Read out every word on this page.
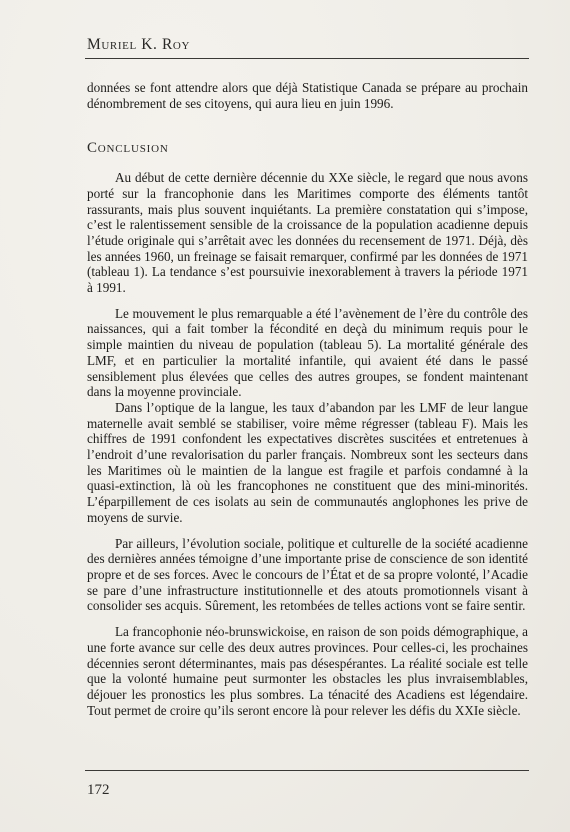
Muriel K. Roy

données se font attendre alors que déjà Statistique Canada se prépare au prochain dénombrement de ses citoyens, qui aura lieu en juin 1996.

Conclusion

Au début de cette dernière décennie du XXe siècle, le regard que nous avons porté sur la francophonie dans les Maritimes comporte des éléments tantôt rassurants, mais plus souvent inquiétants. La première constatation qui s’impose, c’est le ralentissement sensible de la croissance de la population acadienne depuis l’étude originale qui s’arrêtait avec les données du recensement de 1971. Déjà, dès les années 1960, un freinage se faisait remarquer, confirmé par les données de 1971 (tableau 1). La tendance s’est poursuivie inexorablement à travers la période 1971 à 1991.

Le mouvement le plus remarquable a été l’avènement de l’ère du contrôle des naissances, qui a fait tomber la fécondité en deçà du minimum requis pour le simple maintien du niveau de population (tableau 5). La mortalité générale des LMF, et en particulier la mortalité infantile, qui avaient été dans le passé sensiblement plus élevées que celles des autres groupes, se fondent maintenant dans la moyenne provinciale.

Dans l’optique de la langue, les taux d’abandon par les LMF de leur langue maternelle avait semblé se stabiliser, voire même régresser (tableau F). Mais les chiffres de 1991 confondent les expectatives discrètes suscitées et entretenues à l’endroit d’une revalorisation du parler français. Nombreux sont les secteurs dans les Maritimes où le maintien de la langue est fragile et parfois condamné à la quasi-extinction, là où les francophones ne constituent que des mini-minorités. L’éparpillement de ces isolats au sein de communautés anglophones les prive de moyens de survie.

Par ailleurs, l’évolution sociale, politique et culturelle de la société acadienne des dernières années témoigne d’une importante prise de conscience de son identité propre et de ses forces. Avec le concours de l’État et de sa propre volonté, l’Acadie se pare d’une infrastructure institutionnelle et des atouts promotionnels visant à consolider ses acquis. Sûrement, les retombées de telles actions vont se faire sentir.

La francophonie néo-brunswickoise, en raison de son poids démographique, a une forte avance sur celle des deux autres provinces. Pour celles-ci, les prochaines décennies seront déterminantes, mais pas désespérantes. La réalité sociale est telle que la volonté humaine peut surmonter les obstacles les plus invraisemblables, déjouer les pronostics les plus sombres. La ténacité des Acadiens est légendaire. Tout permet de croire qu’ils seront encore là pour relever les défis du XXIe siècle.

172
